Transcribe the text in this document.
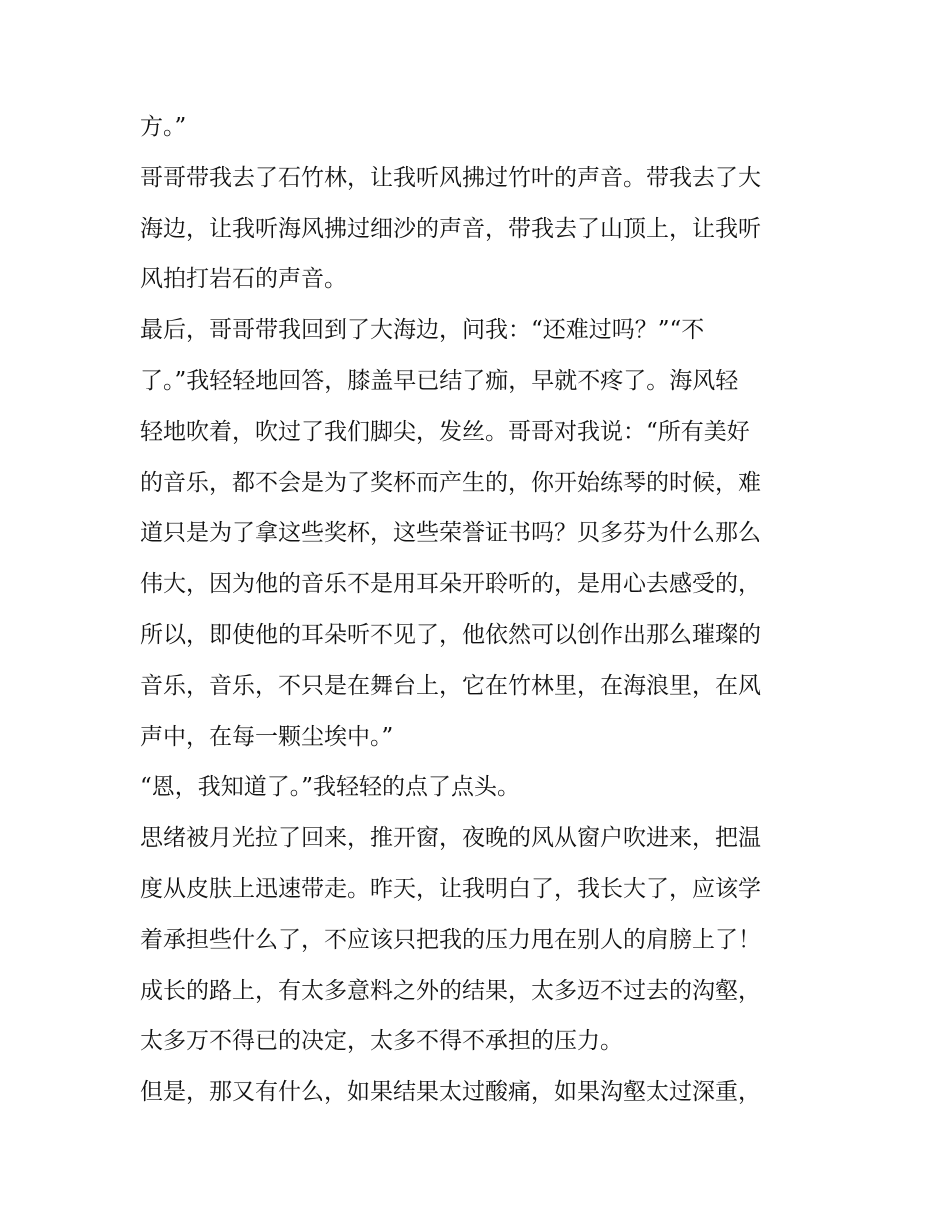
方。”
哥哥带我去了石竹林，让我听风拂过竹叶的声音。带我去了大
海边，让我听海风拂过细沙的声音，带我去了山顶上，让我听
风拍打岩石的声音。
最后，哥哥带我回到了大海边，问我：“还难过吗？”“不
了。”我轻轻地回答，膝盖早已结了痂，早就不疼了。海风轻
轻地吹着，吹过了我们脚尖，发丝。哥哥对我说：“所有美好
的音乐，都不会是为了奖杯而产生的，你开始练琴的时候，难
道只是为了拿这些奖杯，这些荣誉证书吗？贝多芬为什么那么
伟大，因为他的音乐不是用耳朵开聆听的，是用心去感受的，
所以，即使他的耳朵听不见了，他依然可以创作出那么璀璨的
音乐，音乐，不只是在舞台上，它在竹林里，在海浪里，在风
声中，在每一颗尘埃中。”
“恩，我知道了。”我轻轻的点了点头。
思绪被月光拉了回来，推开窗，夜晚的风从窗户吹进来，把温
度从皮肤上迅速带走。昨天，让我明白了，我长大了，应该学
着承担些什么了，不应该只把我的压力甩在别人的肩膀上了！
成长的路上，有太多意料之外的结果，太多迈不过去的沟壑，
太多万不得已的决定，太多不得不承担的压力。
但是，那又有什么，如果结果太过酸痛，如果沟壑太过深重，
